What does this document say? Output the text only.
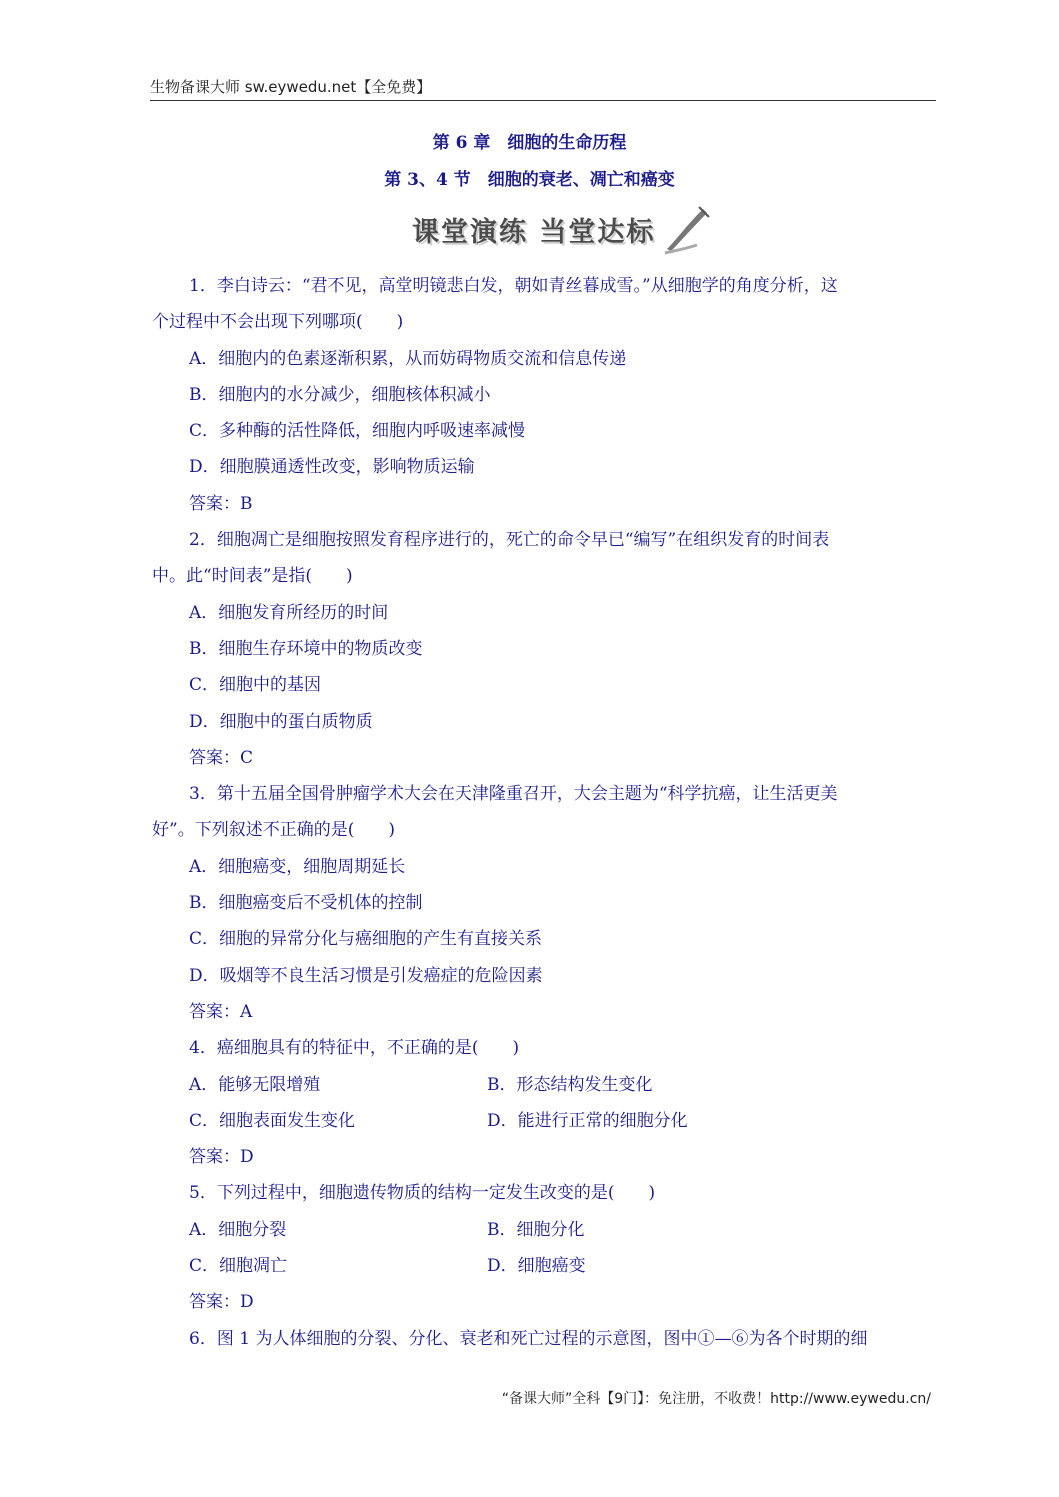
生物备课大师 sw.eywedu.net【全免费】
第 6 章　细胞的生命历程
第 3、4 节　细胞的衰老、凋亡和癌变
课堂演练 当堂达标
1．李白诗云：“君不见，高堂明镜悲白发，朝如青丝暮成雪。”从细胞学的角度分析，这
个过程中不会出现下列哪项(　　)
A．细胞内的色素逐渐积累，从而妨碍物质交流和信息传递
B．细胞内的水分减少，细胞核体积减小
C．多种酶的活性降低，细胞内呼吸速率减慢
D．细胞膜通透性改变，影响物质运输
答案：B
2．细胞凋亡是细胞按照发育程序进行的，死亡的命令早已“编写”在组织发育的时间表
中。此“时间表”是指(　　)
A．细胞发育所经历的时间
B．细胞生存环境中的物质改变
C．细胞中的基因
D．细胞中的蛋白质物质
答案：C
3．第十五届全国骨肿瘤学术大会在天津隆重召开，大会主题为“科学抗癌，让生活更美
好”。下列叙述不正确的是(　　)
A．细胞癌变，细胞周期延长
B．细胞癌变后不受机体的控制
C．细胞的异常分化与癌细胞的产生有直接关系
D．吸烟等不良生活习惯是引发癌症的危险因素
答案：A
4．癌细胞具有的特征中，不正确的是(　　)
A．能够无限增殖	B．形态结构发生变化
C．细胞表面发生变化	D．能进行正常的细胞分化
答案：D
5．下列过程中，细胞遗传物质的结构一定发生改变的是(　　)
A．细胞分裂	B．细胞分化
C．细胞凋亡	D．细胞癌变
答案：D
6．图 1 为人体细胞的分裂、分化、衰老和死亡过程的示意图，图中①—⑥为各个时期的细
“备课大师”全科【9门】：免注册，不收费！http://www.eywedu.cn/
